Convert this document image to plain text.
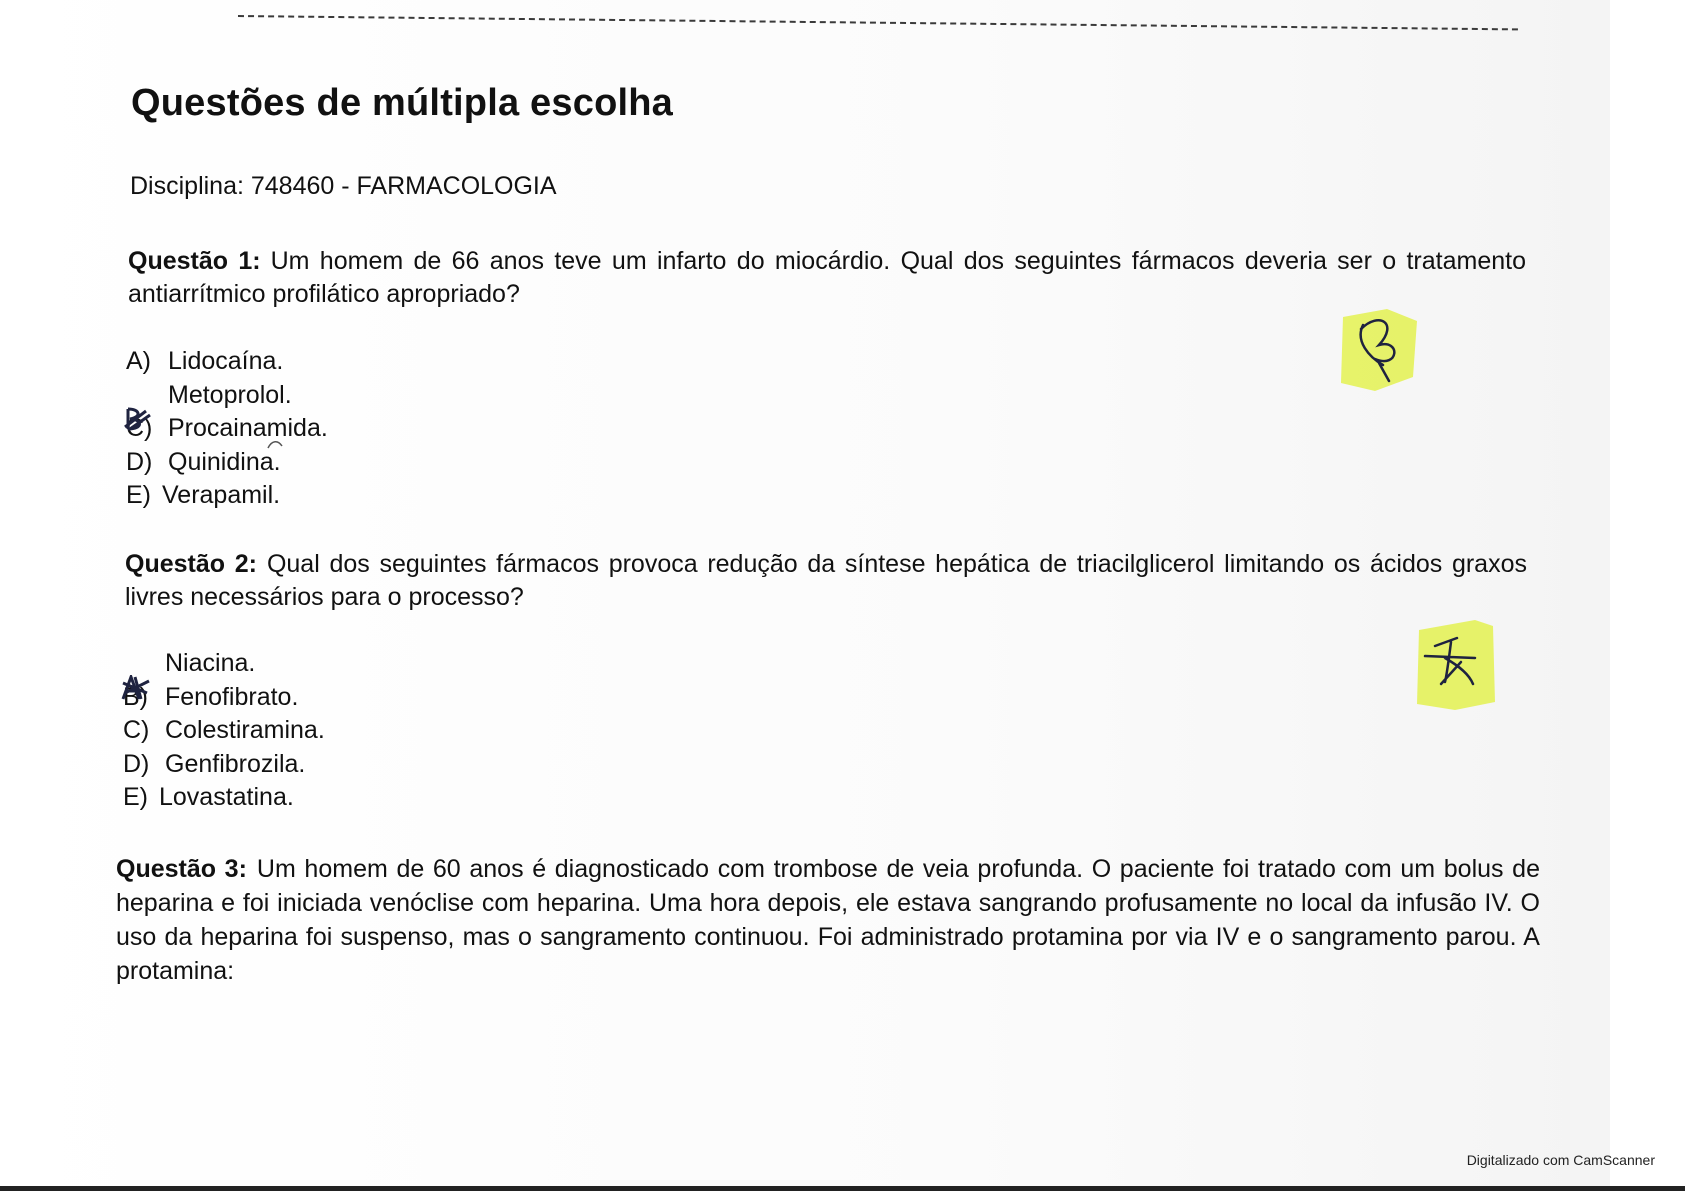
Questões de múltipla escolha
Disciplina: 748460 - FARMACOLOGIA
Questão 1: Um homem de 66 anos teve um infarto do miocárdio. Qual dos seguintes fármacos deveria ser o tratamento antiarrítmico profilático apropriado?
A) Lidocaína.
Metoprolol.
C) Procainamida.
D) Quinidina.
E) Verapamil.
Questão 2: Qual dos seguintes fármacos provoca redução da síntese hepática de triacilglicerol limitando os ácidos graxos livres necessários para o processo?
Niacina.
B) Fenofibrato.
C) Colestiramina.
D) Genfibrozila.
E) Lovastatina.
Questão 3: Um homem de 60 anos é diagnosticado com trombose de veia profunda. O paciente foi tratado com um bolus de heparina e foi iniciada venóclise com heparina. Uma hora depois, ele estava sangrando profusamente no local da infusão IV. O uso da heparina foi suspenso, mas o sangramento continuou. Foi administrado protamina por via IV e o sangramento parou. A protamina:
Digitalizado com CamScanner
